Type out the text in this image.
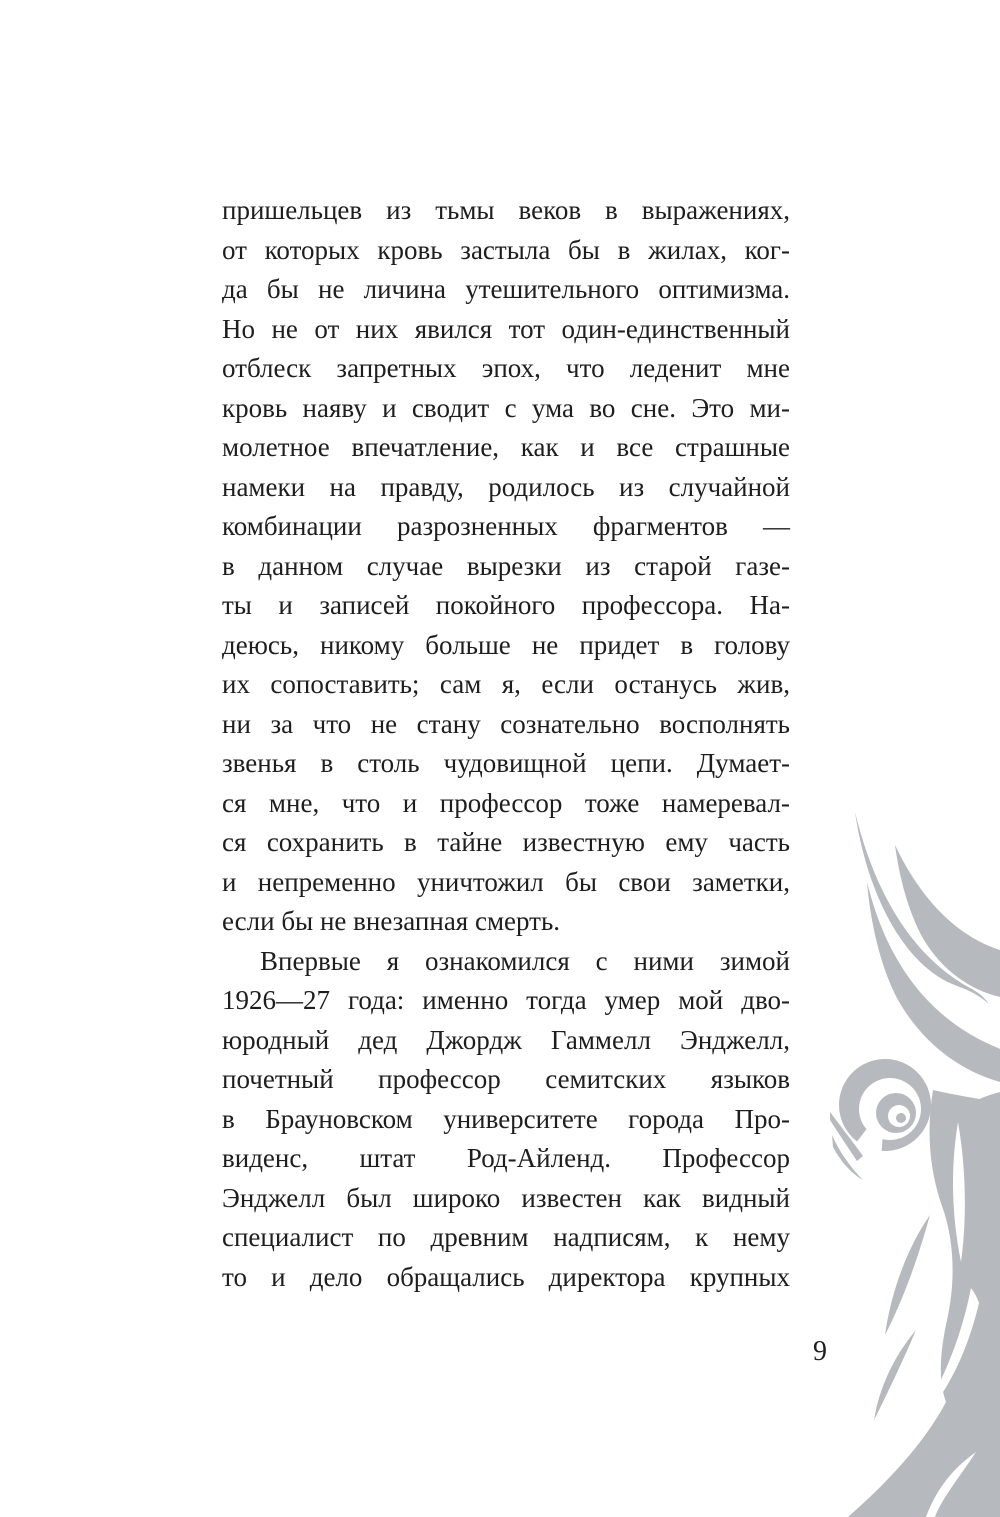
пришельцев из тьмы веков в выражениях,
от которых кровь застыла бы в жилах, ког-
да бы не личина утешительного оптимизма.
Но не от них явился тот один-единственный
отблеск запретных эпох, что леденит мне
кровь наяву и сводит с ума во сне. Это ми-
молетное впечатление, как и все страшные
намеки на правду, родилось из случайной
комбинации разрозненных фрагментов —
в данном случае вырезки из старой газе-
ты и записей покойного профессора. На-
деюсь, никому больше не придет в голову
их сопоставить; сам я, если останусь жив,
ни за что не стану сознательно восполнять
звенья в столь чудовищной цепи. Думает-
ся мне, что и профессор тоже намеревал-
ся сохранить в тайне известную ему часть
и непременно уничтожил бы свои заметки,
если бы не внезапная смерть.
Впервые я ознакомился с ними зимой
1926—27 года: именно тогда умер мой дво-
юродный дед Джордж Гаммелл Энджелл,
почетный профессор семитских языков
в Брауновском университете города Про-
виденс, штат Род-Айленд. Профессор
Энджелл был широко известен как видный
специалист по древним надписям, к нему
то и дело обращались директора крупных
9
